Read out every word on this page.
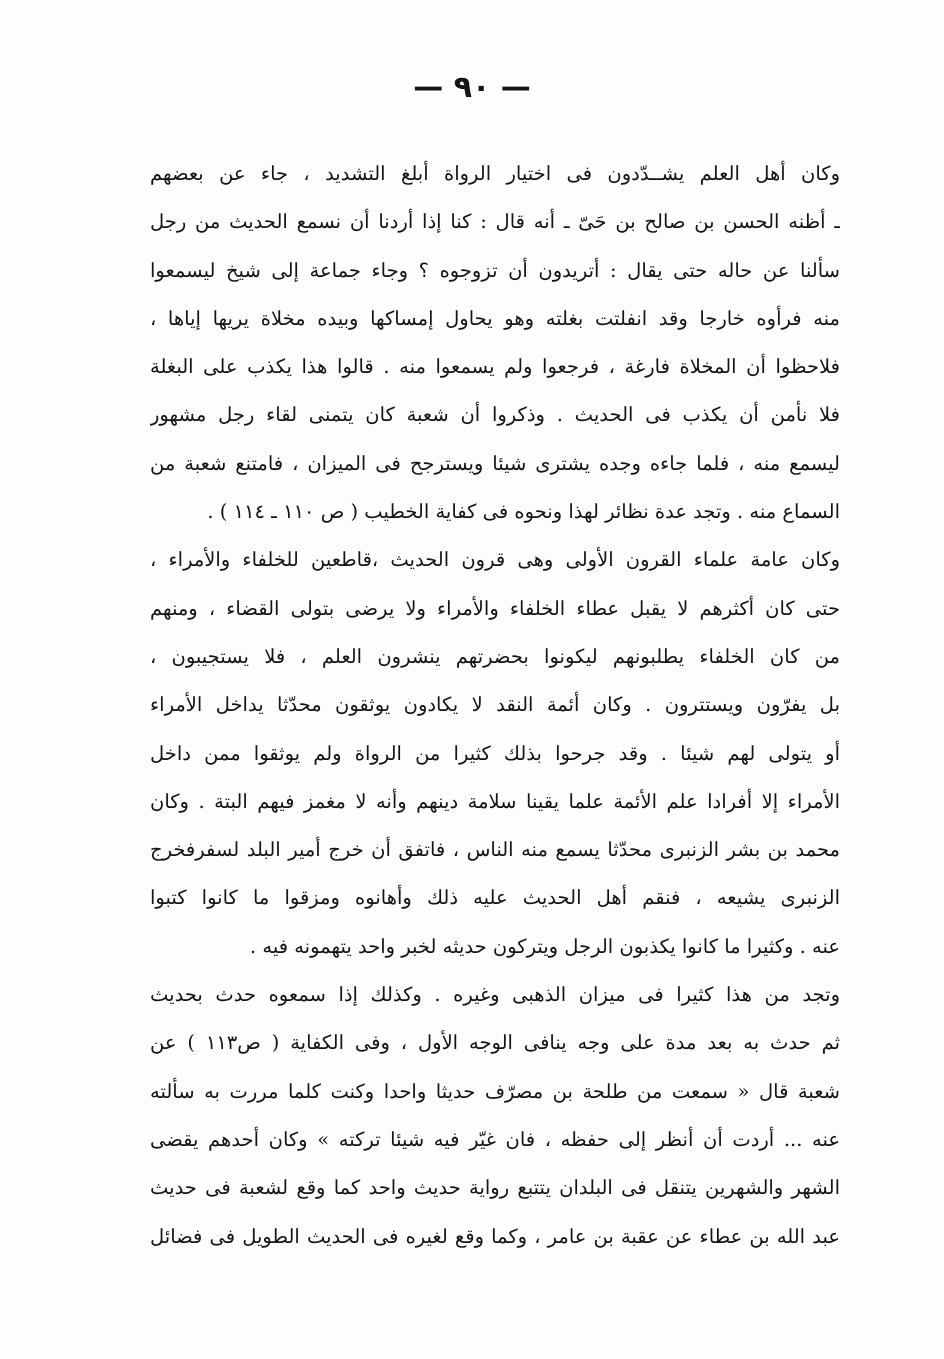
— ٩٠ —
وكان أهل العلم يشــدّدون فى اختيار الرواة أبلغ التشديد ، جاء عن بعضهم
ـ أظنه الحسن بن صالح بن حَىّ ـ أنه قال : كنا إذا أردنا أن نسمع الحديث من رجل
سألنا عن حاله حتى يقال : أتريدون أن تزوجوه ؟ وجاء جماعة إلى شيخ ليسمعوا
منه فرأوه خارجا وقد انفلتت بغلته وهو يحاول إمساكها وبيده مخلاة يريها إياها ،
فلاحظوا أن المخلاة فارغة ، فرجعوا ولم يسمعوا منه . قالوا هذا يكذب على البغلة
فلا نأمن أن يكذب فى الحديث . وذكروا أن شعبة كان يتمنى لقاء رجل مشهور
ليسمع منه ، فلما جاءه وجده يشترى شيئا ويسترجح فى الميزان ، فامتنع شعبة من
السماع منه . وتجد عدة نظائر لهذا ونحوه فى كفاية الخطيب ( ص ١١٠ ـ ١١٤ ) .
وكان عامة علماء القرون الأولى وهى قرون الحديث ،قاطعين للخلفاء والأمراء ،
حتى كان أكثرهم لا يقبل عطاء الخلفاء والأمراء ولا يرضى بتولى القضاء ، ومنهم
من كان الخلفاء يطلبونهم ليكونوا بحضرتهم ينشرون العلم ، فلا يستجيبون ،
بل يفرّون ويستترون . وكان أئمة النقد لا يكادون يوثقون محدّثا يداخل الأمراء
أو يتولى لهم شيئا . وقد جرحوا بذلك كثيرا من الرواة ولم يوثقوا ممن داخل
الأمراء إلا أفرادا علم الأئمة علما يقينا سلامة دينهم وأنه لا مغمز فيهم البتة . وكان
محمد بن بشر الزنبرى محدّثا يسمع منه الناس ، فاتفق أن خرج أمير البلد لسفرفخرج
الزنبرى يشيعه ، فنقم أهل الحديث عليه ذلك وأهانوه ومزقوا ما كانوا كتبوا
عنه . وكثيرا ما كانوا يكذبون الرجل ويتركون حديثه لخبر واحد يتهمونه فيه .
وتجد من هذا كثيرا فى ميزان الذهبى وغيره . وكذلك إذا سمعوه حدث بحديث
ثم حدث به بعد مدة على وجه ينافى الوجه الأول ، وفى الكفاية ( ص١١٣ ) عن
شعبة قال « سمعت من طلحة بن مصرّف حديثا واحدا وكنت كلما مررت به سألته
عنه ... أردت أن أنظر إلى حفظه ، فان غيّر فيه شيئا تركته » وكان أحدهم يقضى
الشهر والشهرين يتنقل فى البلدان يتتبع رواية حديث واحد كما وقع لشعبة فى حديث
عبد الله بن عطاء عن عقبة بن عامر ، وكما وقع لغيره فى الحديث الطويل فى فضائل
